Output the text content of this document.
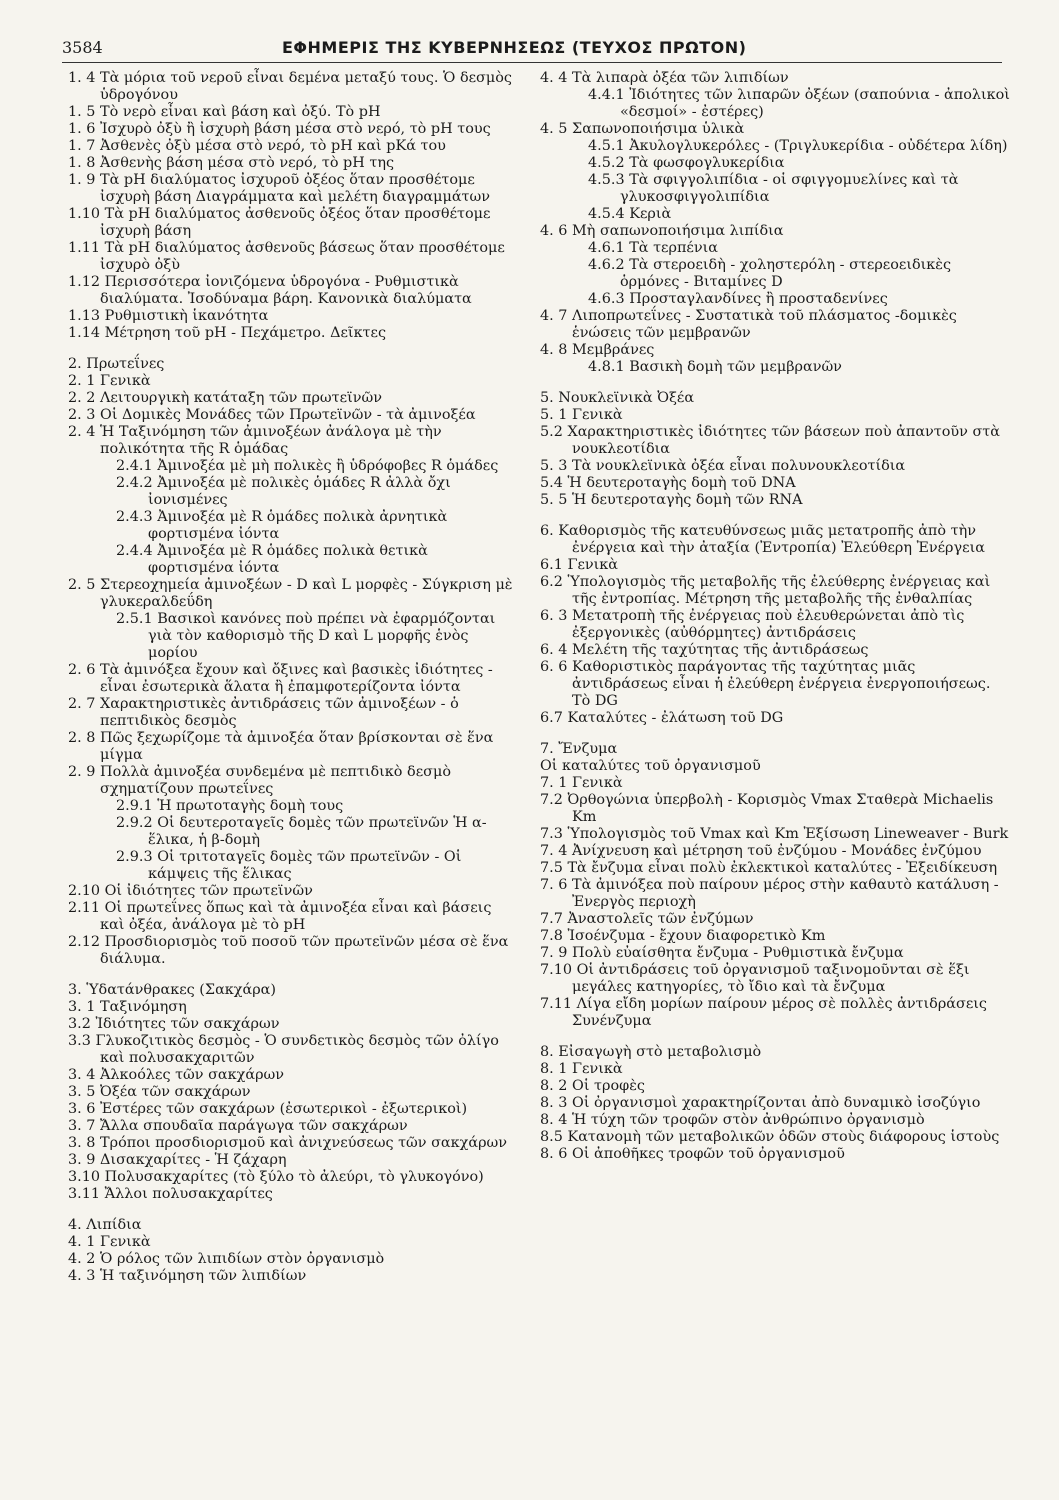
3584	ΕΦΗΜΕΡΙΣ ΤΗΣ ΚΥΒΕΡΝΗΣΕΩΣ (ΤΕΥΧΟΣ ΠΡΩΤΟΝ)

1. 4 Τὰ μόρια τοῦ νεροῦ εἶναι δεμένα μεταξύ τους. Ὁ δεσμὸς ὑδρογόνου

1. 5 Τὸ νερὸ εἶναι καὶ βάση καὶ ὀξύ. Τὸ pH

1. 6 Ἰσχυρὸ ὀξὺ ἢ ἰσχυρὴ βάση μέσα στὸ νερό, τὸ pH τους

1. 7 Ἀσθενὲς ὀξὺ μέσα στὸ νερό, τὸ pH καὶ pKά του

1. 8 Ἀσθενὴς βάση μέσα στὸ νερό, τὸ pH της

1. 9 Τὰ pH διαλύματος ἰσχυροῦ ὀξέος ὅταν προσθέτομε ἰσχυρὴ βάση Διαγράμματα καὶ μελέτη διαγραμμάτων

1.10 Τὰ pH διαλύματος ἀσθενοῦς ὀξέος ὅταν προσθέτομε ἰσχυρὴ βάση

1.11 Τὰ pH διαλύματος ἀσθενοῦς βάσεως ὅταν προσθέτομε ἰσχυρὸ ὀξὺ

1.12 Περισσότερα ἰονιζόμενα ὑδρογόνα - Ρυθμιστικὰ διαλύματα. Ἰσοδύναμα βάρη. Κανονικὰ διαλύματα

1.13 Ρυθμιστικὴ ἱκανότητα

1.14 Μέτρηση τοῦ pH - Πεχάμετρο. Δεῖκτες

2. Πρωτεΐνες

2. 1 Γενικὰ

2. 2 Λειτουργικὴ κατάταξη τῶν πρωτεϊνῶν

2. 3 Οἱ Δομικὲς Μονάδες τῶν Πρωτεϊνῶν - τὰ ἀμινοξέα

2. 4 Ἡ Ταξινόμηση τῶν ἀμινοξέων ἀνάλογα μὲ τὴν πολικότητα τῆς R ὁμάδας

2.4.1 Ἀμινοξέα μὲ μὴ πολικὲς ἢ ὑδρόφοβες R ὁμάδες

2.4.2 Ἀμινοξέα μὲ πολικὲς ὁμάδες R ἀλλὰ ὄχι ἰονισμένες

2.4.3 Ἀμινοξέα μὲ R ὁμάδες πολικὰ ἀρνητικὰ φορτισμένα ἰόντα

2.4.4 Ἀμινοξέα μὲ R ὁμάδες πολικὰ θετικὰ φορτισμένα ἰόντα

2. 5 Στερεοχημεία ἀμινοξέων - D καὶ L μορφὲς - Σύγκριση μὲ γλυκεραλδεΰδη

2.5.1 Βασικοὶ κανόνες ποὺ πρέπει νὰ ἐφαρμόζονται γιὰ τὸν καθορισμὸ τῆς D καὶ L μορφῆς ἑνὸς μορίου

2. 6 Τὰ ἀμινόξεα ἔχουν καὶ ὄξινες καὶ βασικὲς ἰδιότητες - εἶναι ἐσωτερικὰ ἅλατα ἢ ἐπαμφοτερίζοντα ἰόντα

2. 7 Χαρακτηριστικὲς ἀντιδράσεις τῶν ἀμινοξέων - ὁ πεπτιδικὸς δεσμὸς

2. 8 Πῶς ξεχωρίζομε τὰ ἀμινοξέα ὅταν βρίσκονται σὲ ἕνα μίγμα

2. 9 Πολλὰ ἀμινοξέα συνδεμένα μὲ πεπτιδικὸ δεσμὸ σχηματίζουν πρωτεΐνες

2.9.1 Ἡ πρωτοταγὴς δομὴ τους

2.9.2 Οἱ δευτεροταγεῖς δομὲς τῶν πρωτεϊνῶν Ἡ α-ἕλικα, ἡ β-δομὴ

2.9.3 Οἱ τριτοταγεῖς δομὲς τῶν πρωτεϊνῶν - Οἱ κάμψεις τῆς ἕλικας

2.10 Οἱ ἰδιότητες τῶν πρωτεϊνῶν

2.11 Οἱ πρωτεΐνες ὅπως καὶ τὰ ἀμινοξέα εἶναι καὶ βάσεις καὶ ὀξέα, ἀνάλογα μὲ τὸ pH

2.12 Προσδιορισμὸς τοῦ ποσοῦ τῶν πρωτεϊνῶν μέσα σὲ ἕνα διάλυμα.

3. Ὑδατάνθρακες (Σακχάρα)

3. 1 Ταξινόμηση

3.2 Ἰδιότητες τῶν σακχάρων

3.3 Γλυκοζιτικὸς δεσμὸς - Ὁ συνδετικὸς δεσμὸς τῶν ὀλίγο καὶ πολυσακχαριτῶν

3. 4 Ἀλκοόλες τῶν σακχάρων

3. 5 Ὀξέα τῶν σακχάρων

3. 6 Ἐστέρες τῶν σακχάρων (ἐσωτερικοὶ - ἐξωτερικοὶ)

3. 7 Ἄλλα σπουδαῖα παράγωγα τῶν σακχάρων

3. 8 Τρόποι προσδιορισμοῦ καὶ ἀνιχνεύσεως τῶν σακχάρων

3. 9 Δισακχαρίτες - Ἡ ζάχαρη

3.10 Πολυσακχαρίτες (τὸ ξύλο τὸ ἀλεύρι, τὸ γλυκογόνο)

3.11 Ἄλλοι πολυσακχαρίτες

4. Λιπίδια

4. 1 Γενικὰ

4. 2 Ὁ ρόλος τῶν λιπιδίων στὸν ὀργανισμὸ

4. 3 Ἡ ταξινόμηση τῶν λιπιδίων

4. 4 Τὰ λιπαρὰ ὀξέα τῶν λιπιδίων

4.4.1 Ἰδιότητες τῶν λιπαρῶν ὀξέων (σαπούνια - ἀπολικοὶ «δεσμοί» - ἐστέρες)

4. 5 Σαπωνοποιήσιμα ὑλικὰ

4.5.1 Ἀκυλογλυκερόλες - (Τριγλυκερίδια - οὐδέτερα λίδη)

4.5.2 Τὰ φωσφογλυκερίδια

4.5.3 Τὰ σφιγγολιπίδια - οἱ σφιγγομυελίνες καὶ τὰ γλυκοσφιγγολιπίδια

4.5.4 Κεριὰ

4. 6 Μὴ σαπωνοποιήσιμα λιπίδια

4.6.1 Τὰ τερπένια

4.6.2 Τὰ στεροειδὴ - χοληστερόλη - στερεοειδικὲς ὁρμόνες - Βιταμίνες D

4.6.3 Προσταγλανδίνες ἢ προσταδενίνες

4. 7 Λιποπρωτεΐνες - Συστατικὰ τοῦ πλάσματος -δομικὲς ἑνώσεις τῶν μεμβρανῶν

4. 8 Μεμβράνες

4.8.1 Βασικὴ δομὴ τῶν μεμβρανῶν

5. Νουκλεϊνικὰ Ὀξέα

5. 1 Γενικὰ

5.2 Χαρακτηριστικὲς ἰδιότητες τῶν βάσεων ποὺ ἀπαντοῦν στὰ νουκλεοτίδια

5. 3 Τὰ νουκλεϊνικὰ ὀξέα εἶναι πολυνουκλεοτίδια

5.4 Ἡ δευτεροταγὴς δομὴ τοῦ DNA

5. 5 Ἡ δευτεροταγὴς δομὴ τῶν RNA

6. Καθορισμὸς τῆς κατευθύνσεως μιᾶς μετατροπῆς ἀπὸ τὴν ἐνέργεια καὶ τὴν ἀταξία (Ἐντροπία) Ἐλεύθερη Ἐνέργεια

6.1 Γενικὰ

6.2 Ὑπολογισμὸς τῆς μεταβολῆς τῆς ἐλεύθερης ἐνέργειας καὶ τῆς ἐντροπίας. Μέτρηση τῆς μεταβολῆς τῆς ἐνθαλπίας

6. 3 Μετατροπὴ τῆς ἐνέργειας ποὺ ἐλευθερώνεται ἀπὸ τὶς ἐξεργονικὲς (αὐθόρμητες) ἀντιδράσεις

6. 4 Μελέτη τῆς ταχύτητας τῆς ἀντιδράσεως

6. 6 Καθοριστικὸς παράγοντας τῆς ταχύτητας μιᾶς ἀντιδράσεως εἶναι ἡ ἐλεύθερη ἐνέργεια ἐνεργοποιήσεως. Τὸ DG

6.7 Καταλύτες - ἐλάτωση τοῦ DG

7. Ἔνζυμα

Οἱ καταλύτες τοῦ ὀργανισμοῦ

7. 1 Γενικὰ

7.2 Ὀρθογώνια ὑπερβολὴ - Κορισμὸς Vmax Σταθερὰ Michaelis Km

7.3 Ὑπολογισμὸς τοῦ Vmax καὶ Km Ἐξίσωση Lineweaver - Burk

7. 4 Ἀνίχνευση καὶ μέτρηση τοῦ ἐνζύμου - Μονάδες ἐνζύμου

7.5 Τὰ ἔνζυμα εἶναι πολὺ ἐκλεκτικοὶ καταλύτες - Ἐξειδίκευση

7. 6 Τὰ ἀμινόξεα ποὺ παίρουν μέρος στὴν καθαυτὸ κατάλυση - Ἐνεργὸς περιοχὴ

7.7 Ἀναστολεῖς τῶν ἐνζύμων

7.8 Ἰσοένζυμα - ἔχουν διαφορετικὸ Km

7. 9 Πολὺ εὐαίσθητα ἔνζυμα - Ρυθμιστικὰ ἔνζυμα

7.10 Οἱ ἀντιδράσεις τοῦ ὀργανισμοῦ ταξινομοῦνται σὲ ἕξι μεγάλες κατηγορίες, τὸ ἴδιο καὶ τὰ ἔνζυμα

7.11 Λίγα εἴδη μορίων παίρουν μέρος σὲ πολλὲς ἀντιδράσεις Συνένζυμα

8. Εἰσαγωγὴ στὸ μεταβολισμὸ

8. 1 Γενικὰ

8. 2 Οἱ τροφὲς

8. 3 Οἱ ὀργανισμοὶ χαρακτηρίζονται ἀπὸ δυναμικὸ ἰσοζύγιο

8. 4 Ἡ τύχη τῶν τροφῶν στὸν ἀνθρώπινο ὀργανισμὸ

8.5 Κατανομὴ τῶν μεταβολικῶν ὁδῶν στοὺς διάφορους ἱστοὺς

8. 6 Οἱ ἀποθῆκες τροφῶν τοῦ ὀργανισμοῦ
